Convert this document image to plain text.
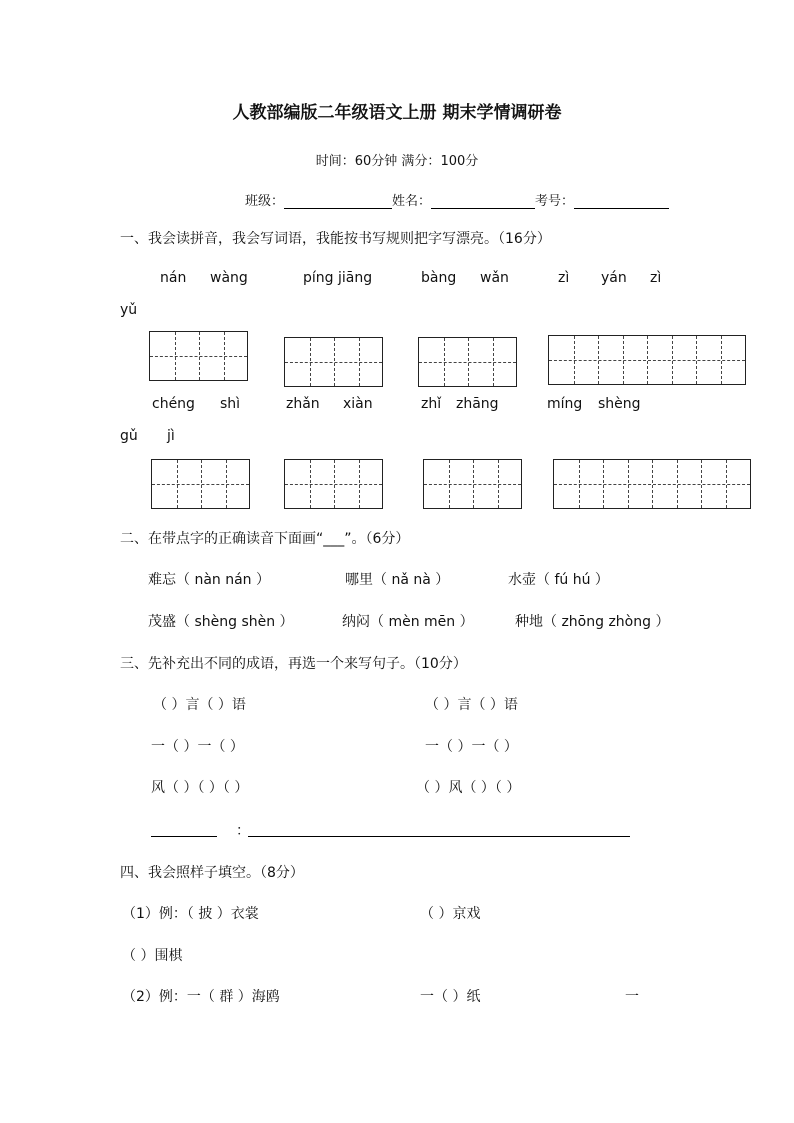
人教部编版二年级语文上册 期末学情调研卷
时间：60分钟 满分：100分
班级：	姓名：	考号：
一、我会读拼音，我会写词语，我能按书写规则把字写漂亮。（16分）
nán wàng	píng jiāng	bàng wǎn	zì yán zì
yǔ
chéng shì	zhǎn xiàn	zhǐ zhāng	míng shèng
gǔ jì
二、在带点字的正确读音下面画“___”。（6分）
难忘（ nàn nán ）	哪里（ nǎ nà ）	水壶（ fú hú ）
茂盛（ shèng shèn ）	纳闷（ mèn mēn ）	种地（ zhōng zhòng ）
三、先补充出不同的成语，再选一个来写句子。（10分）
（ ）言（ ）语	（ ）言（ ）语
一（ ）一（ ）	一（ ）一（ ）
风（ ）（ ）（ ）	（ ）风（ ）（ ）
：
四、我会照样子填空。（8分）
（1）例：（ 披 ）衣裳	（ ）京戏
（ ）围棋
（2）例：一（ 群 ）海鸥	一（ ）纸	一
